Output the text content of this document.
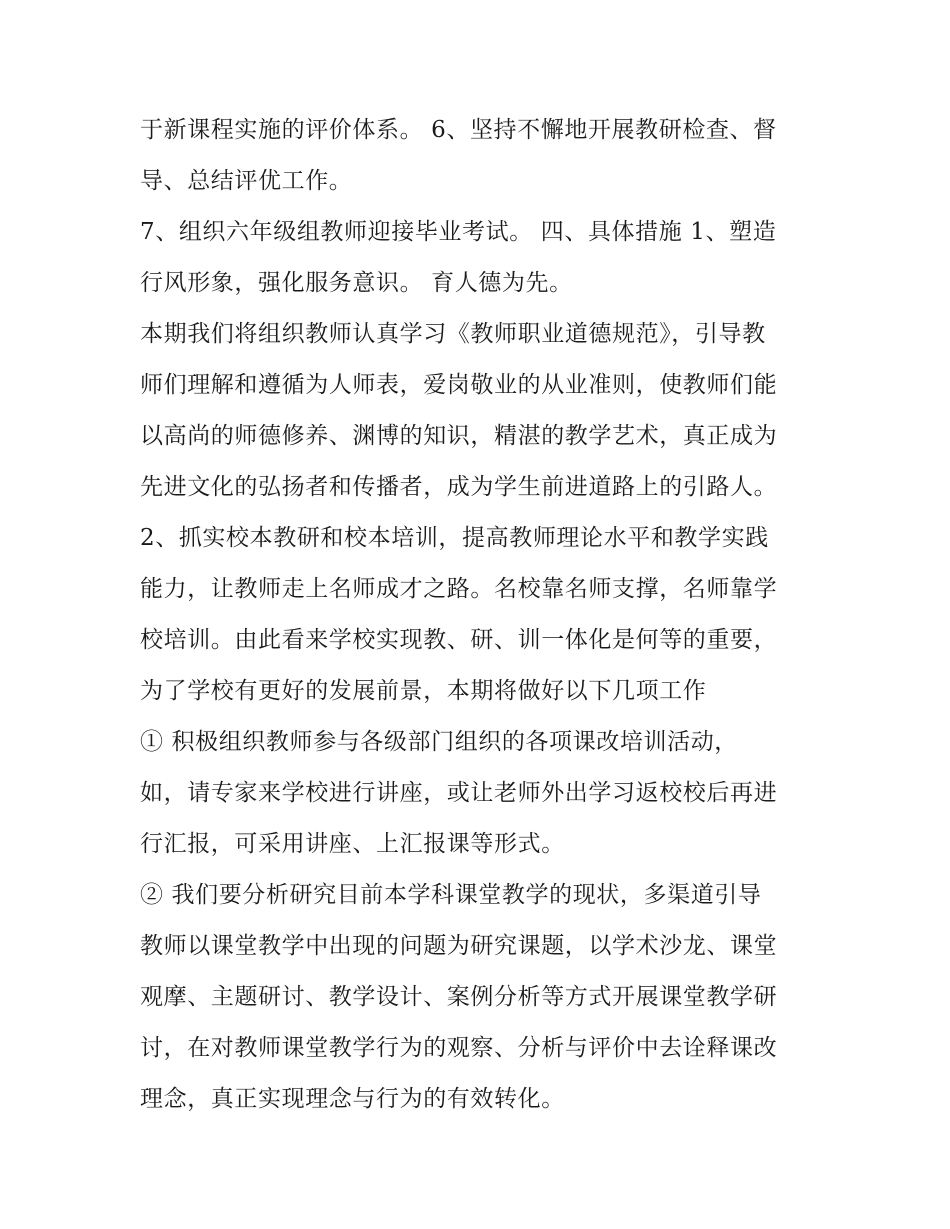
于新课程实施的评价体系。 6、坚持不懈地开展教研检查、督
导、总结评优工作。
7、组织六年级组教师迎接毕业考试。 四、具体措施 1、塑造
行风形象，强化服务意识。 育人德为先。
本期我们将组织教师认真学习《教师职业道德规范》，引导教
师们理解和遵循为人师表，爱岗敬业的从业准则，使教师们能
以高尚的师德修养、渊博的知识，精湛的教学艺术，真正成为
先进文化的弘扬者和传播者，成为学生前进道路上的引路人。
2、抓实校本教研和校本培训，提高教师理论水平和教学实践
能力，让教师走上名师成才之路。名校靠名师支撑，名师靠学
校培训。由此看来学校实现教、研、训一体化是何等的重要，
为了学校有更好的发展前景，本期将做好以下几项工作
① 积极组织教师参与各级部门组织的各项课改培训活动，
如，请专家来学校进行讲座，或让老师外出学习返校校后再进
行汇报，可采用讲座、上汇报课等形式。
② 我们要分析研究目前本学科课堂教学的现状，多渠道引导
教师以课堂教学中出现的问题为研究课题，以学术沙龙、课堂
观摩、主题研讨、教学设计、案例分析等方式开展课堂教学研
讨，在对教师课堂教学行为的观察、分析与评价中去诠释课改
理念，真正实现理念与行为的有效转化。
